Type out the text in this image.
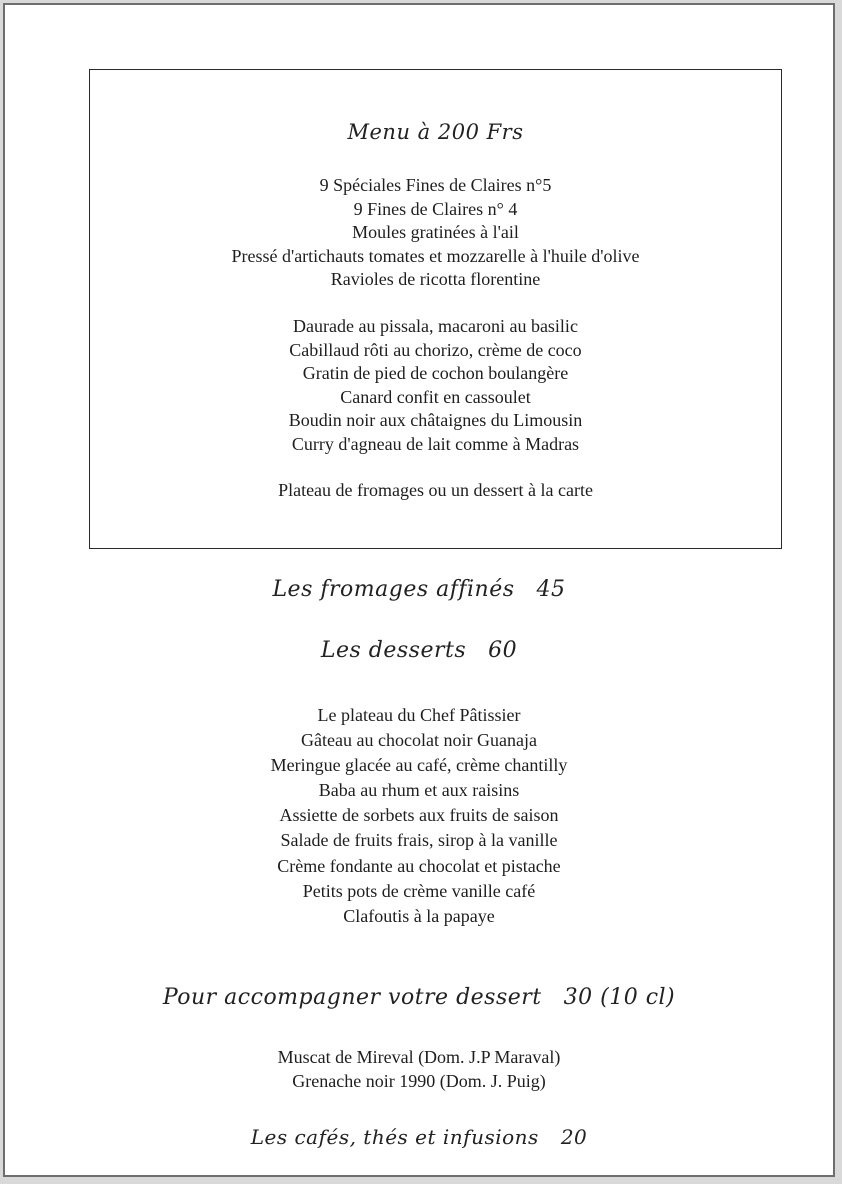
Menu à 200 Frs
9 Spéciales Fines de Claires n°5
9 Fines de Claires n° 4
Moules gratinées à l'ail
Pressé d'artichauts tomates et mozzarelle à l'huile d'olive
Ravioles de ricotta florentine
Daurade au pissala, macaroni au basilic
Cabillaud rôti au chorizo, crème de coco
Gratin de pied de cochon boulangère
Canard confit en cassoulet
Boudin noir aux châtaignes du Limousin
Curry d'agneau de lait comme à Madras
Plateau de fromages ou un dessert à la carte
Les fromages affinés 45
Les desserts 60
Le plateau du Chef Pâtissier
Gâteau au chocolat noir Guanaja
Meringue glacée au café, crème chantilly
Baba au rhum et aux raisins
Assiette de sorbets aux fruits de saison
Salade de fruits frais, sirop à la vanille
Crème fondante au chocolat et pistache
Petits pots de crème vanille café
Clafoutis à la papaye
Pour accompagner votre dessert 30 (10 cl)
Muscat de Mireval (Dom. J.P Maraval)
Grenache noir 1990 (Dom. J. Puig)
Les cafés, thés et infusions 20
